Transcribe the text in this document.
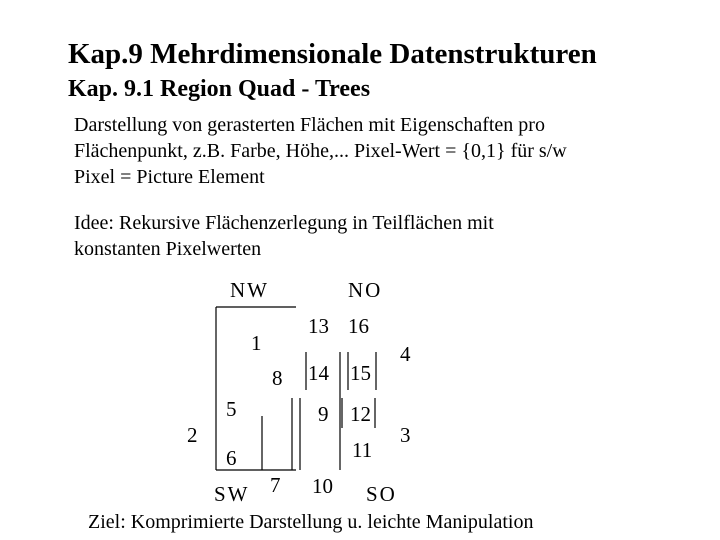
Kap.9 Mehrdimensionale Datenstrukturen
Kap. 9.1 Region Quad - Trees
Darstellung von gerasterten Flächen mit Eigenschaften pro
Flächenpunkt, z.B. Farbe, Höhe,... Pixel-Wert = {0,1} für s/w
Pixel = Picture Element
Idee: Rekursive Flächenzerlegung in Teilflächen mit
konstanten Pixelwerten
NW	NO
SW	SO
1
2	3
4
5
6
7
8
9
10
11
12
13 16
14 15
Ziel: Komprimierte Darstellung u. leichte Manipulation
